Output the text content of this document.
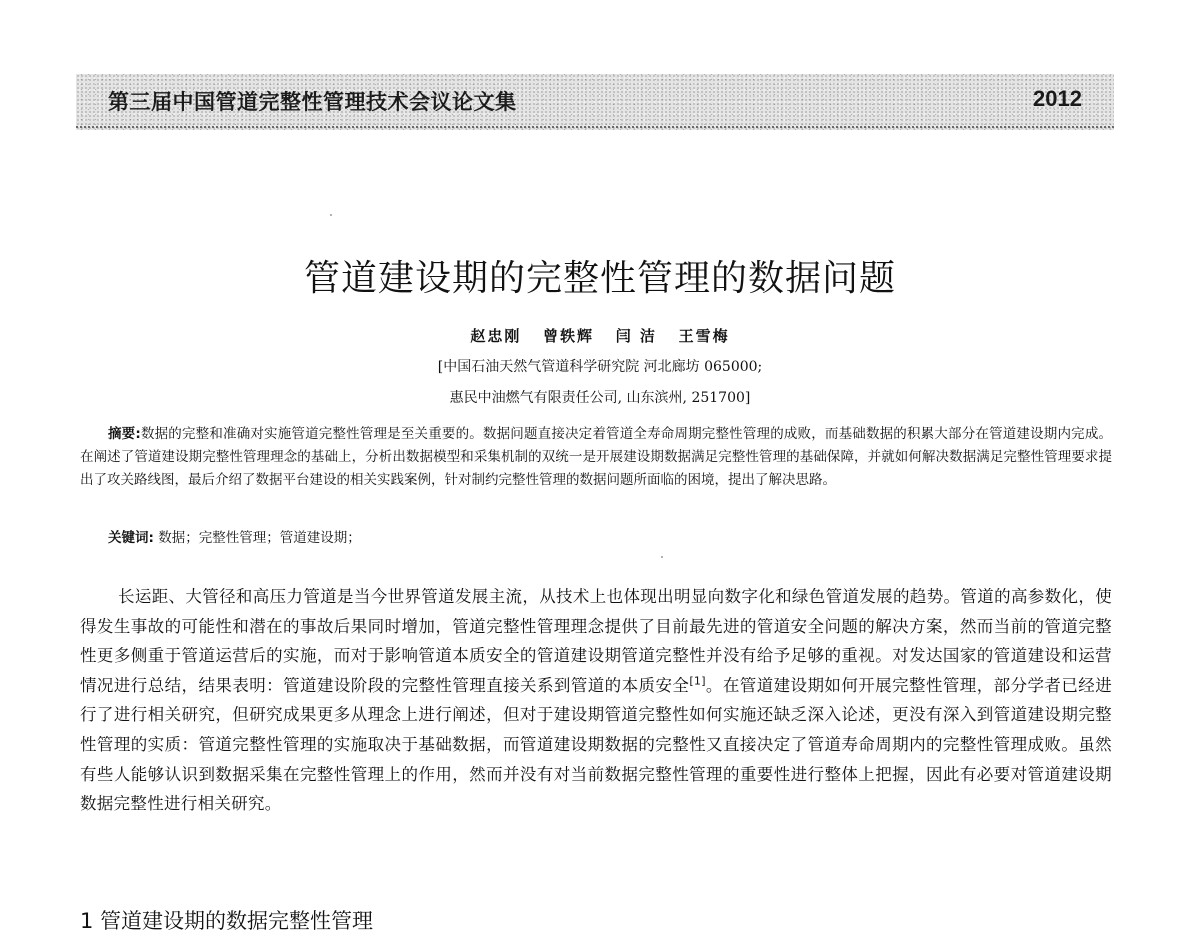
第三届中国管道完整性管理技术会议论文集	2012
管道建设期的完整性管理的数据问题
赵忠刚   曾轶辉   闫 洁   王雪梅
[中国石油天然气管道科学研究院 河北廊坊 065000;
惠民中油燃气有限责任公司, 山东滨州, 251700]

摘要:数据的完整和准确对实施管道完整性管理是至关重要的。数据问题直接决定着管道全寿命周期完整性管理的成败，而基础数据的积累大部分在管道建设期内完成。在阐述了管道建设期完整性管理理念的基础上，分析出数据模型和采集机制的双统一是开展建设期数据满足完整性管理的基础保障，并就如何解决数据满足完整性管理要求提出了攻关路线图，最后介绍了数据平台建设的相关实践案例，针对制约完整性管理的数据问题所面临的困境，提出了解决思路。

关键词: 数据；完整性管理；管道建设期；

长运距、大管径和高压力管道是当今世界管道发展主流，从技术上也体现出明显向数字化和绿色管道发展的趋势。管道的高参数化，使得发生事故的可能性和潜在的事故后果同时增加，管道完整性管理理念提供了目前最先进的管道安全问题的解决方案，然而当前的管道完整性更多侧重于管道运营后的实施，而对于影响管道本质安全的管道建设期管道完整性并没有给予足够的重视。对发达国家的管道建设和运营情况进行总结，结果表明：管道建设阶段的完整性管理直接关系到管道的本质安全[1]。在管道建设期如何开展完整性管理，部分学者已经进行了进行相关研究，但研究成果更多从理念上进行阐述，但对于建设期管道完整性如何实施还缺乏深入论述，更没有深入到管道建设期完整性管理的实质：管道完整性管理的实施取决于基础数据，而管道建设期数据的完整性又直接决定了管道寿命周期内的完整性管理成败。虽然有些人能够认识到数据采集在完整性管理上的作用，然而并没有对当前数据完整性管理的重要性进行整体上把握，因此有必要对管道建设期数据完整性进行相关研究。

1 管道建设期的数据完整性管理
